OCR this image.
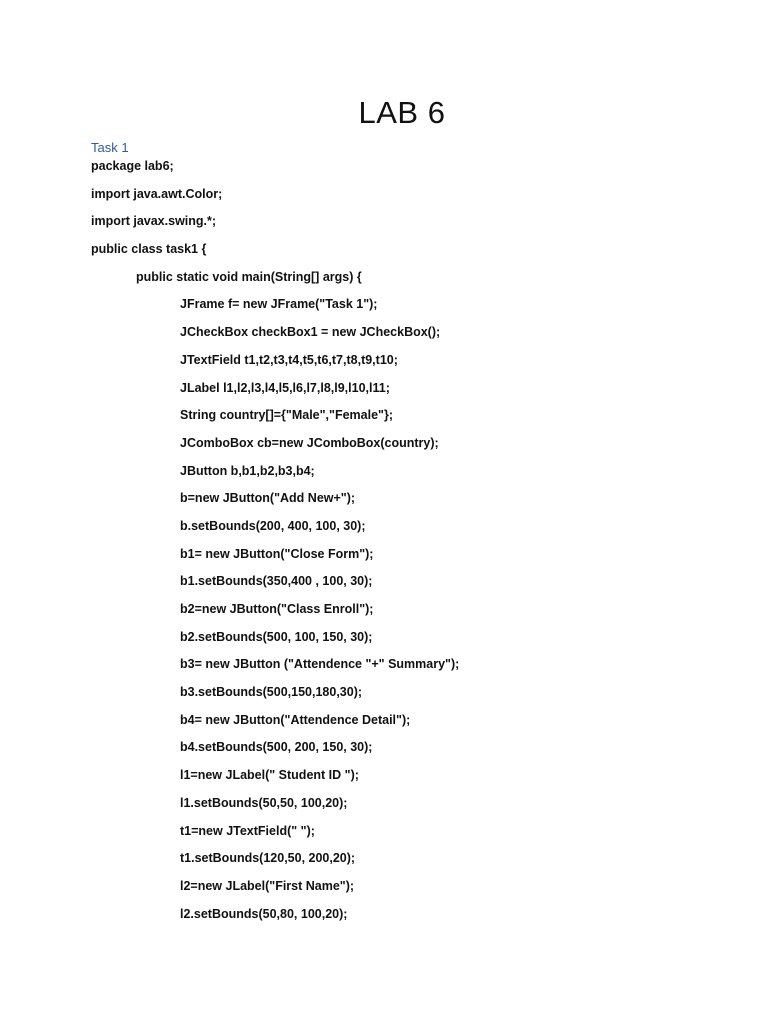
LAB 6
Task 1
package lab6;
import java.awt.Color;
import javax.swing.*;
public class task1 {
public static void main(String[] args) {
JFrame f= new JFrame("Task 1");
JCheckBox checkBox1 = new JCheckBox();
JTextField t1,t2,t3,t4,t5,t6,t7,t8,t9,t10;
JLabel l1,l2,l3,l4,l5,l6,l7,l8,l9,l10,l11;
String country[]={"Male","Female"};
JComboBox cb=new JComboBox(country);
JButton b,b1,b2,b3,b4;
b=new JButton("Add New+");
b.setBounds(200, 400, 100, 30);
b1= new JButton("Close Form");
b1.setBounds(350,400 , 100, 30);
b2=new JButton("Class Enroll");
b2.setBounds(500, 100, 150, 30);
b3= new JButton ("Attendence "+" Summary");
b3.setBounds(500,150,180,30);
b4= new JButton("Attendence Detail");
b4.setBounds(500, 200, 150, 30);
l1=new JLabel(" Student ID ");
l1.setBounds(50,50, 100,20);
t1=new JTextField(" ");
t1.setBounds(120,50, 200,20);
l2=new JLabel("First Name");
l2.setBounds(50,80, 100,20);
